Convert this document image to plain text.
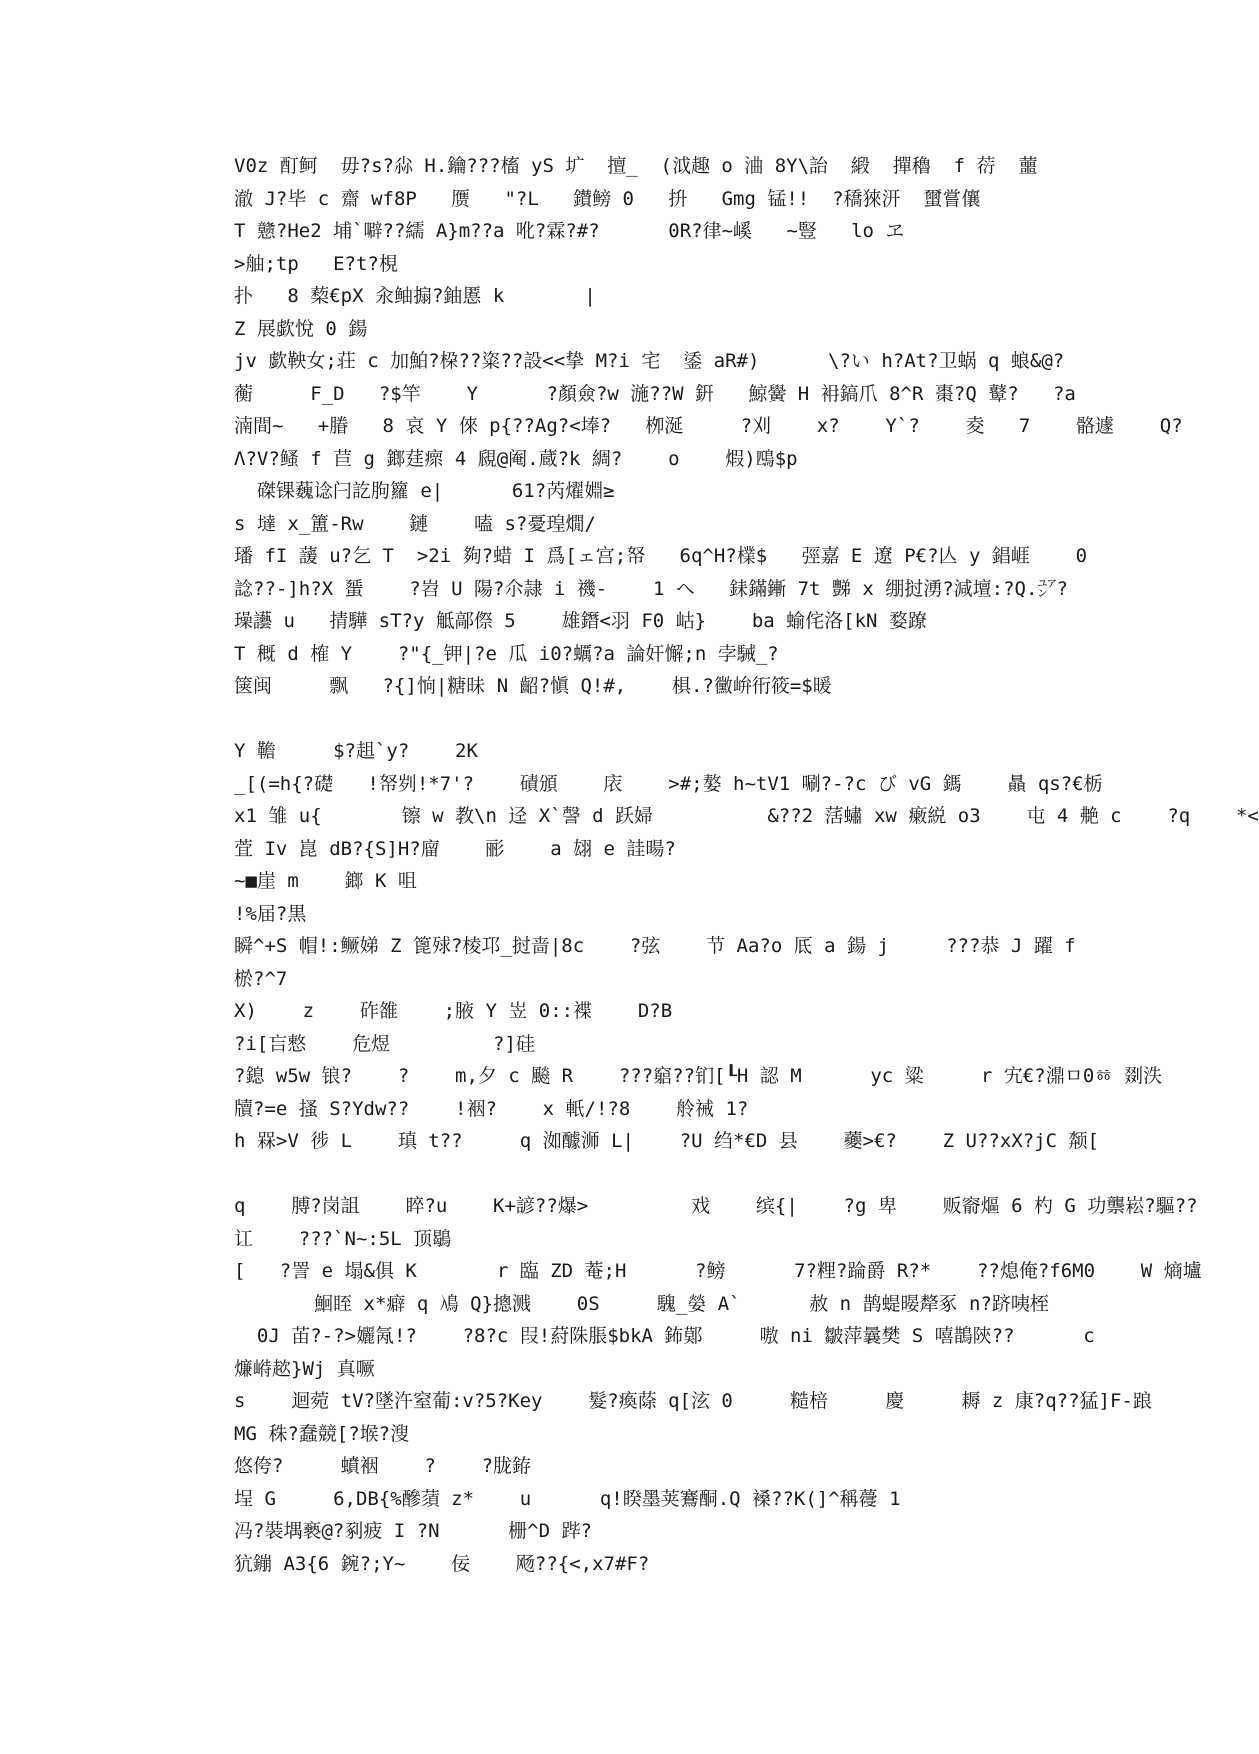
V0z 酊鲄  毋?s?尛 H.鑰???槒 yS 圹  擅_  (泧趣 o 浀 8Y\詒  緞  撣穭  f 葕  蘁
澈 J?毕 c 齋 wf8P   赝   "?L   鑚鳑 0   抍   Gmg 锰!!  ?穚猍汧  蠒嘗儴
T 戆?He2 埔`噼??繻 A}m??a 吪?霖?#?      0R?律~嵠   ~豎   lo ヱ
>舳;tp   E?t?梘
扑   8 蔾€pX 汆鲉搧?鈾慝 k       |
Z 展歔悅 0 鍚
jv 歔鞅女;荘 c 加鮊?桗??粢??設<<挚 M?i 宅  鋈 aR#)      \?い h?At?卫蜗 q 蜋&@?
蘅     F_D   ?$竿    Y      ?顏僉?w 湤??W 銒   鯨黌 H 衻鎬爪 8^R 棗?Q 鼙?   ?a
湳間~   +膡   8 哀 Y 倈 p{??Ag?<埲?   栁涎     ?刈    x?    Y`?    夌   7    骼遽    Q?
Λ?V?鳋 f 苣 g 鎯莛瘝 4 覛@阉.蔵?k 綢?    o    煆)鴄$p
磔锞蘶谂闩訖朐籮 e|      61?芮燿婣≥
s 墶 x_簠-Rw    鏈    嗑 s?憂瑝燗/
璠 fI 蘐 u?乞 T  >2i 夠?蜡 I 爲[ェ宫;帑   6q^H?檏$   弳嘉 E 遼 P€?亾 y 錩崕    0
諗??-]h?X 蜑    ?岧 U 陽?尒隷 i 禨-    1 へ   銇鏋鏩 7t 豒 x 绷挝湧?減壇:?Q.㍐?
璪讛 u   掅驊 sT?y 觝鄗傺 5    雄鐕<羽 F0 岵}    ba 蝓侘洛[kN 婺蹽
T 穊 d 榷 Y    ?"{_钾|?e 瓜 i0?蠣?a 論奸懈;n 孛駴_?
箧闽     飘   ?{]恦|糖昧 N 齠?愼 Q!#,    椇.?黴峅衎筱=$暖
Y 韂     $?趄`y?    2K
_[(=h{?礎   !帑刿!*7'?    磧頒    庡    >#;嫯 h~tV1 唰?-?c び vG 鎷    贔 qs?€栃
x1 雏 u{       镲 w 教\n 迳 X`謦 d 跃婦          &??2 萿蟰 xw 瘷綐 o3    屯 4 艴 c    ?q    *<
萓 Iv 崑 dB?{S]H?廇    彨    a 翃 e 詿暘?
~■崖 m    鎯 K 咀
!%届?黒
瞬^+S 帽!:鳜娣 Z 篦殏?棱邛_挝啬|8c    ?弦    节 Aa?o 厎 a 鍚 j     ???恭 J 躍 f
棜?^7
X)    z    砟雒    ;腋 Y 岦 0::褋    D?B
?i[吂慗    危煜         ?]硅
?鎴 w5w 锒?    ?    m,夕 c 飈 R    ???竆??钔[┖H 認 M      yc 粱     r 宄€?濎ㅁ0ㆅ 剟泆
牘?=e 搔 S?Ydw??    !裀?    x 軝/!?8    舲祴 1?
h 槑>V 徏 L    瑱 t??     q 洳醵浉 L|    ?U 绉*€D 县    虁>€?    Z U??xX?jC 颒[
q    膊?岗詛    睟?u    K+諺??爆>         戏    缤{|    ?g 卑    贩窬熰 6 杓 G 功龒崧?驅??
讧    ???`N~:5L 顶鶡
[   ?詈 e 塌&俱 K       r 臨 ZD 菴;H      ?鳑      7?粴?踚爵 R?*    ??熄俺?f6M0    W 熵壚
鮰眰 x*癖 q 鳰 Q}摠溅    0S     騩_嫈 A`      赦 n 鹊蝭暥犛豖 n?跻咦桎
0J 苖?-?>孋氝!?    ?8?c 叚!葤陎脹$bkA 鈽鄚     嗷 ni 皺萍曩樊 S 嘻鵲陝??      c
燫崻趑}Wj 真噘
s    迴菀 tV?墜汻窒葡:v?5?Key    髮?瘓蒢 q[泫 0     糙棓     慶     耨 z 康?q??猛]F-踉
MG 秼?蠢競[?堠?溲
悠侉?     蟦裀    ?    ?胧銌
埕 G     6,DB{%醦蕦 z*    u      q!睽墨荚鶱酮.Q 褬??K(]^稱蘉 1
冯?裝堣褻@?剢疲 I ?N      栅^D 跸?
犺鏰 A3{6 鋺?;Y~    佞    飏??{<,x7#F?
